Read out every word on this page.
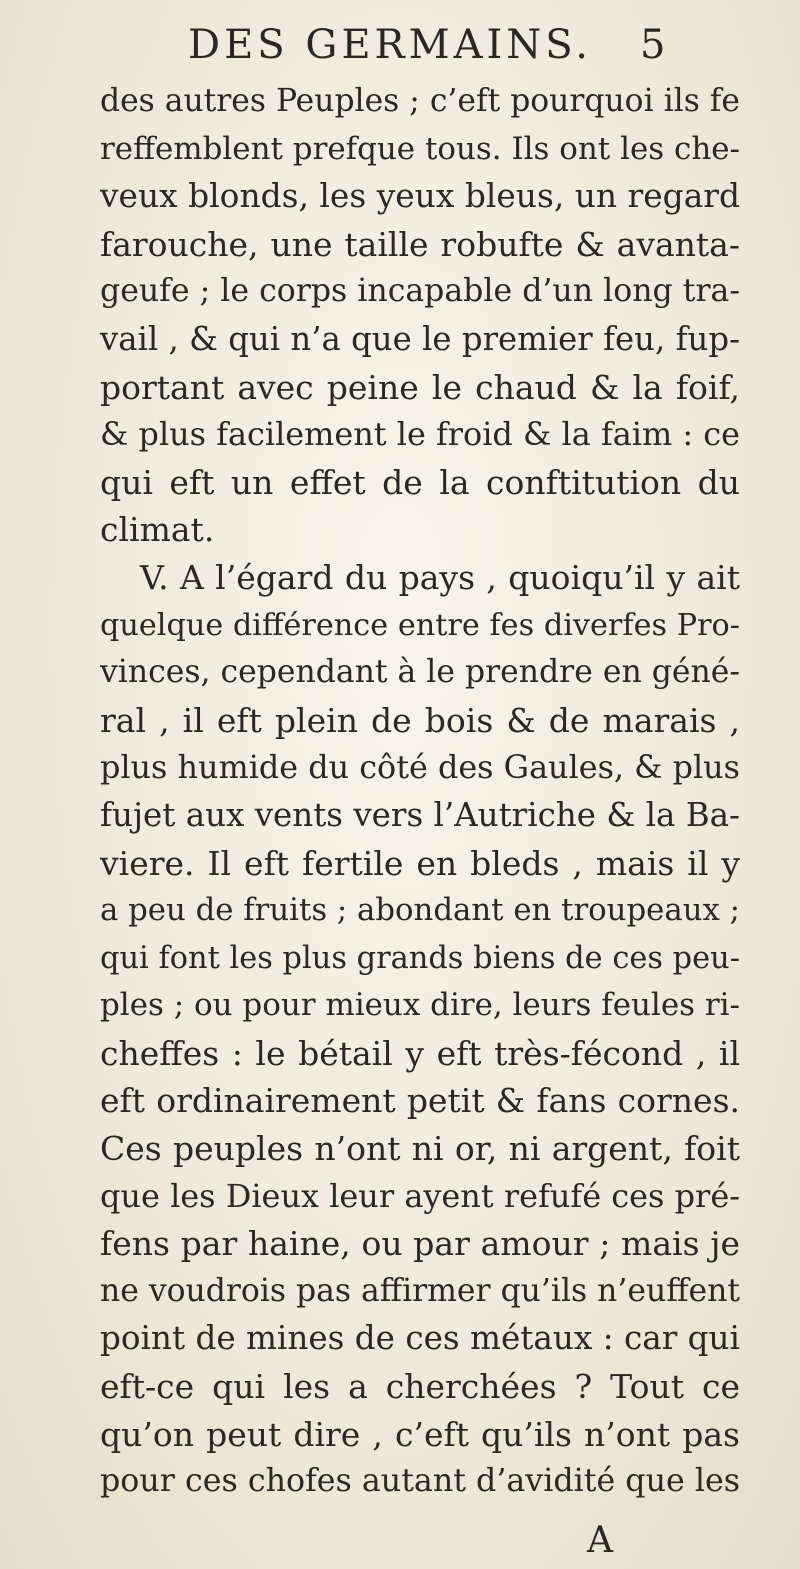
DES GERMAINS. 5
des autres Peuples ; c’eft pourquoi ils fe
reffemblent prefque tous. Ils ont les che-
veux blonds, les yeux bleus, un regard
farouche, une taille robufte & avanta-
geufe ; le corps incapable d’un long tra-
vail , & qui n’a que le premier feu, fup-
portant avec peine le chaud & la foif,
& plus facilement le froid & la faim : ce
qui eft un effet de la conftitution du
climat.
V. A l’égard du pays , quoiqu’il y ait
quelque différence entre fes diverfes Pro-
vinces, cependant à le prendre en géné-
ral , il eft plein de bois & de marais ,
plus humide du côté des Gaules, & plus
fujet aux vents vers l’Autriche & la Ba-
viere. Il eft fertile en bleds , mais il y
a peu de fruits ; abondant en troupeaux ;
qui font les plus grands biens de ces peu-
ples ; ou pour mieux dire, leurs feules ri-
cheffes : le bétail y eft très-fécond , il
eft ordinairement petit & fans cornes.
Ces peuples n’ont ni or, ni argent, foit
que les Dieux leur ayent refufé ces pré-
fens par haine, ou par amour ; mais je
ne voudrois pas affirmer qu’ils n’euffent
point de mines de ces métaux : car qui
eft-ce qui les a cherchées ? Tout ce
qu’on peut dire , c’eft qu’ils n’ont pas
pour ces chofes autant d’avidité que les
A
